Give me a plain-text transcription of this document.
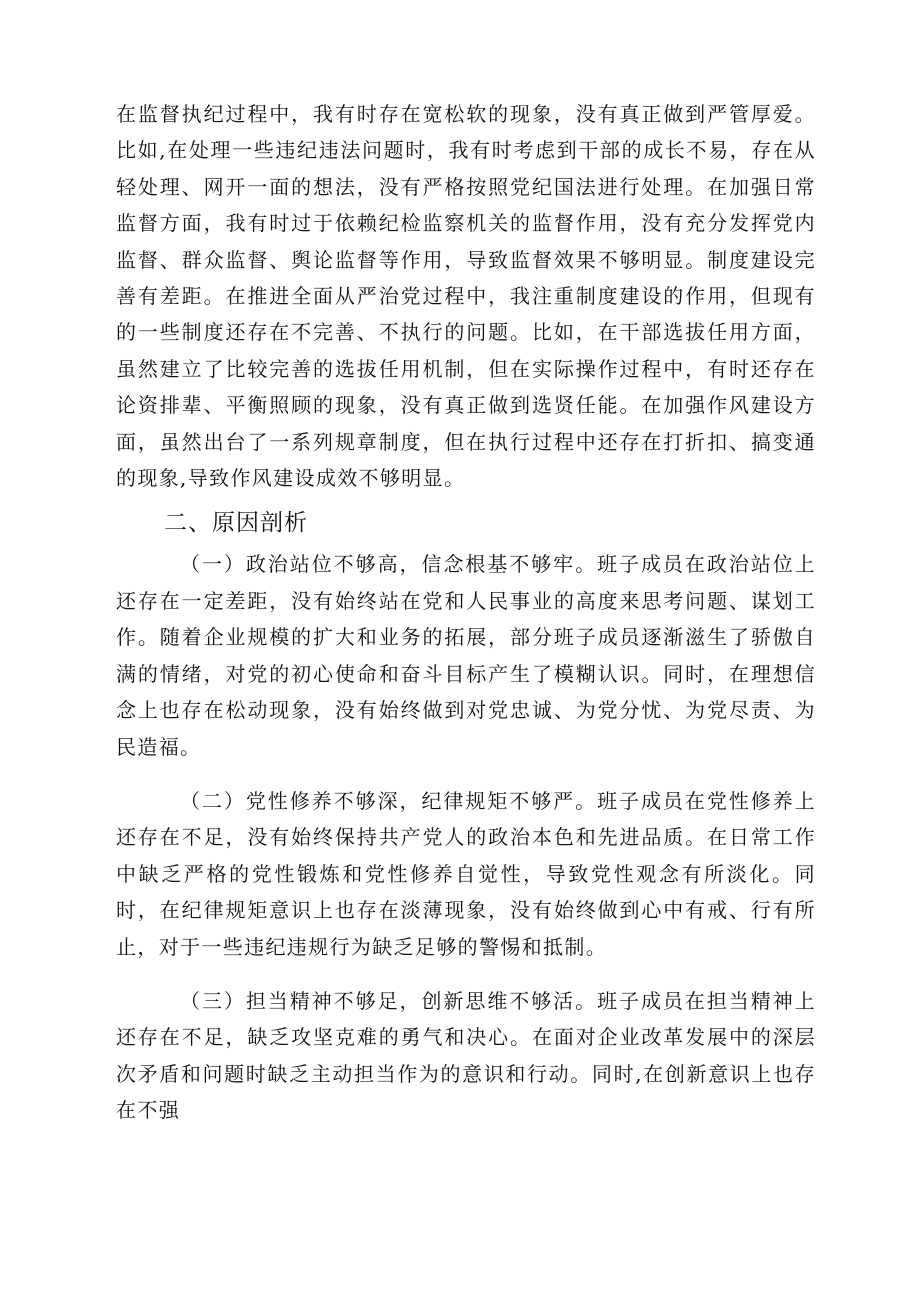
在监督执纪过程中，我有时存在宽松软的现象，没有真正做到严管厚爱。比如,在处理一些违纪违法问题时，我有时考虑到干部的成长不易，存在从轻处理、网开一面的想法，没有严格按照党纪国法进行处理。在加强日常监督方面，我有时过于依赖纪检监察机关的监督作用，没有充分发挥党内监督、群众监督、舆论监督等作用，导致监督效果不够明显。制度建设完善有差距。在推进全面从严治党过程中，我注重制度建设的作用，但现有的一些制度还存在不完善、不执行的问题。比如，在干部选拔任用方面，虽然建立了比较完善的选拔任用机制，但在实际操作过程中，有时还存在论资排辈、平衡照顾的现象，没有真正做到选贤任能。在加强作风建设方面，虽然出台了一系列规章制度，但在执行过程中还存在打折扣、搞变通的现象,导致作风建设成效不够明显。

二、原因剖析

（一）政治站位不够高，信念根基不够牢。班子成员在政治站位上还存在一定差距，没有始终站在党和人民事业的高度来思考问题、谋划工作。随着企业规模的扩大和业务的拓展，部分班子成员逐渐滋生了骄傲自满的情绪，对党的初心使命和奋斗目标产生了模糊认识。同时，在理想信念上也存在松动现象，没有始终做到对党忠诚、为党分忧、为党尽责、为民造福。

（二）党性修养不够深，纪律规矩不够严。班子成员在党性修养上还存在不足，没有始终保持共产党人的政治本色和先进品质。在日常工作中缺乏严格的党性锻炼和党性修养自觉性，导致党性观念有所淡化。同时，在纪律规矩意识上也存在淡薄现象，没有始终做到心中有戒、行有所止，对于一些违纪违规行为缺乏足够的警惕和抵制。

（三）担当精神不够足，创新思维不够活。班子成员在担当精神上还存在不足，缺乏攻坚克难的勇气和决心。在面对企业改革发展中的深层次矛盾和问题时缺乏主动担当作为的意识和行动。同时,在创新意识上也存在不强
